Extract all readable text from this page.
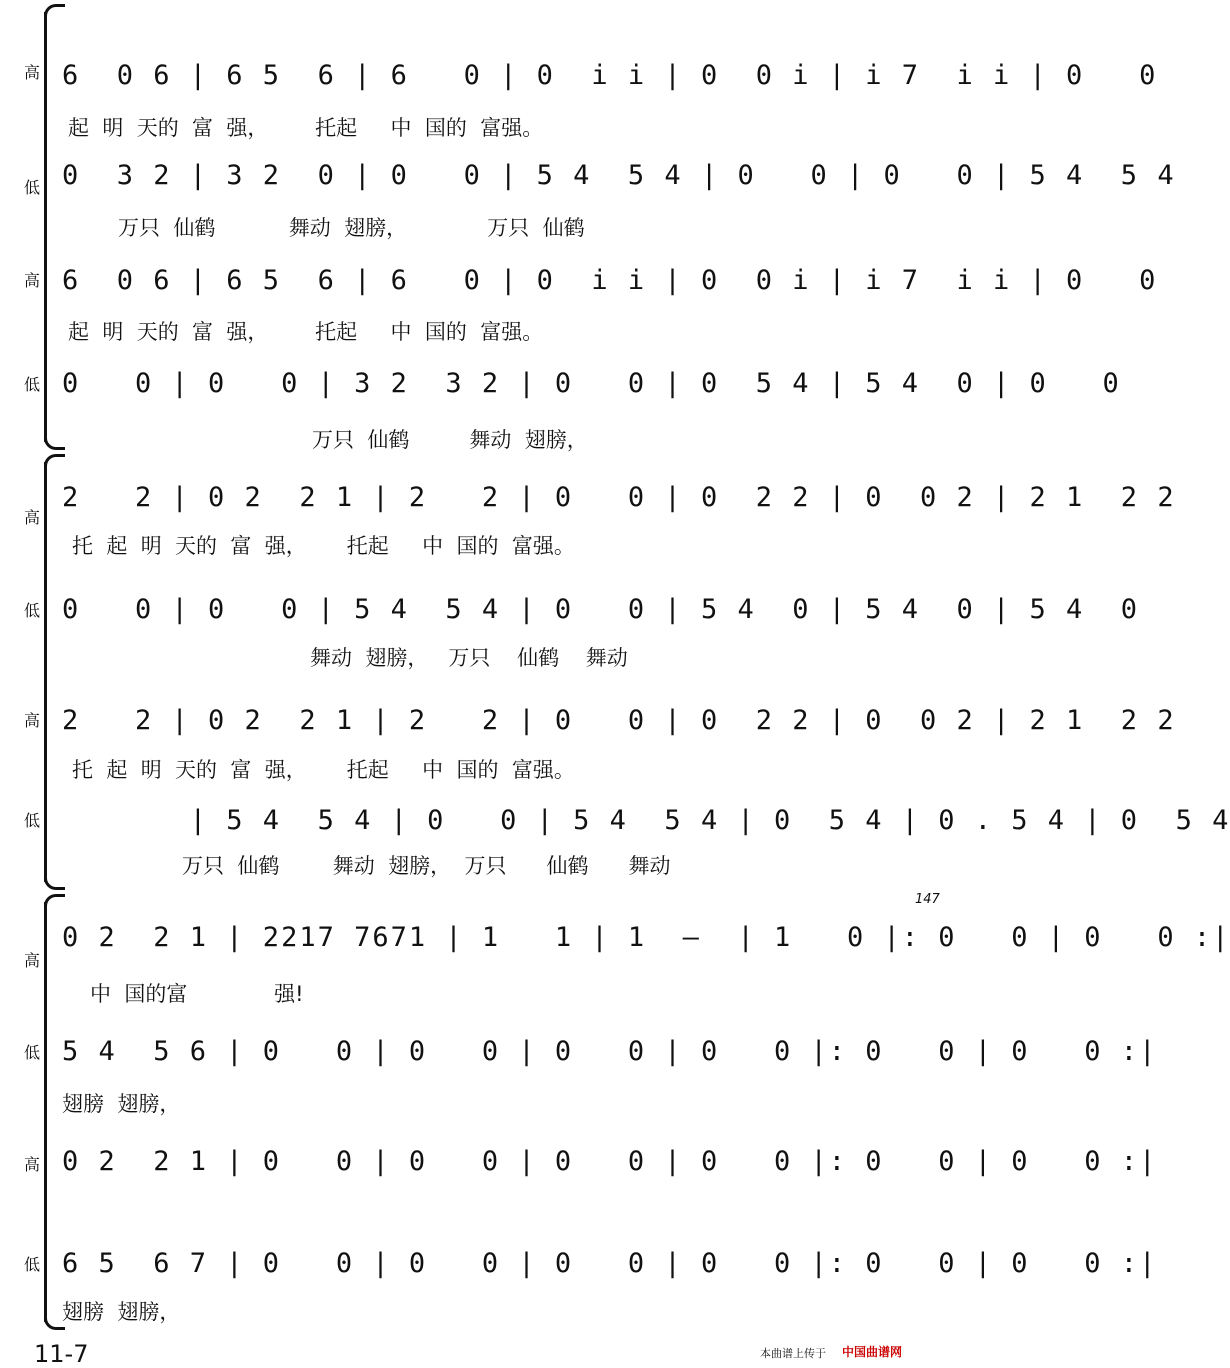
高 6  0 6 | 6 5  6 | 6   0 | 0  i i | 0  0 i | i 7  i i | 0   0
起  明  天的  富  强，       托起     中  国的  富强。
低 0  3 2 | 3 2  0 | 0   0 | 5 4  5 4 | 0   0 | 0   0 | 5 4  5 4
万只  仙鹤           舞动  翅膀，            万只  仙鹤
高 6  0 6 | 6 5  6 | 6   0 | 0  i i | 0  0 i | i 7  i i | 0   0
起  明  天的  富  强，       托起     中  国的  富强。
低 0   0 | 0   0 | 3 2  3 2 | 0   0 | 0  5 4 | 5 4  0 | 0   0
万只  仙鹤         舞动  翅膀，
高
2   2 | 0 2  2 1 | 2   2 | 0   0 | 0  2 2 | 0  0 2 | 2 1  2 2
托  起  明  天的  富  强，      托起     中  国的  富强。
低 0   0 | 0   0 | 5 4  5 4 | 0   0 | 5 4  0 | 5 4  0 | 5 4  0
舞动  翅膀，   万只    仙鹤    舞动
高 2   2 | 0 2  2 1 | 2   2 | 0   0 | 0  2 2 | 0  0 2 | 2 1  2 2
托  起  明  天的  富  强，      托起     中  国的  富强。
低 | 5 4  5 4 | 0   0 | 5 4  5 4 | 0  5 4 | 0 . 5 4 | 0  5 4
万只  仙鹤        舞动  翅膀，  万只      仙鹤      舞动
147
高
0 2  2 1 | 2217 7671 | 1   1 | 1  —  | 1   0 |: 0   0 | 0   0 :|
中  国的富             强!
低 5 4  5 6 | 0   0 | 0   0 | 0   0 | 0   0 |: 0   0 | 0   0 :|
翅膀  翅膀，
高 0 2  2 1 | 0   0 | 0   0 | 0   0 | 0   0 |: 0   0 | 0   0 :|
低 6 5  6 7 | 0   0 | 0   0 | 0   0 | 0   0 |: 0   0 | 0   0 :|
翅膀  翅膀，
11-7	本曲谱上传于 中国曲谱网
